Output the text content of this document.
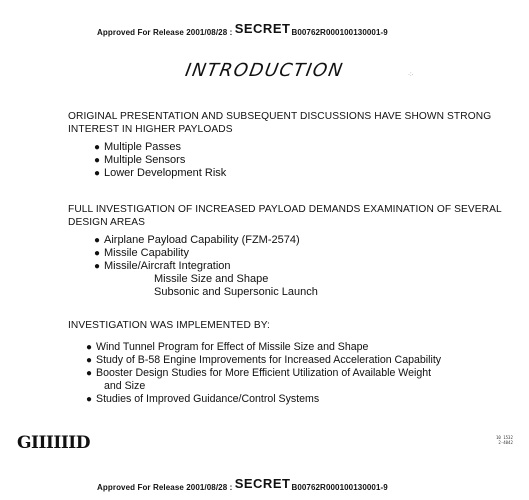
Approved For Release 2001/08/28 : SECRETB00762R000100130001-9
INTRODUCTION	·:·
ORIGINAL PRESENTATION AND SUBSEQUENT DISCUSSIONS HAVE SHOWN STRONG
INTEREST IN HIGHER PAYLOADS
● Multiple Passes
● Multiple Sensors
● Lower Development Risk
FULL INVESTIGATION OF INCREASED PAYLOAD DEMANDS EXAMINATION OF SEVERAL
DESIGN AREAS
● Airplane Payload Capability (FZM-2574)
● Missile Capability
● Missile/Aircraft Integration
Missile Size and Shape
Subsonic and Supersonic Launch
INVESTIGATION WAS IMPLEMENTED BY:
● Wind Tunnel Program for Effect of Missile Size and Shape
● Study of B-58 Engine Improvements for Increased Acceleration Capability
● Booster Design Studies for More Efficient Utilization of Available Weight
and Size
● Studies of Improved Guidance/Control Systems
GIIIIIID	10 1532
2-4042
Approved For Release 2001/08/28 : SECRETB00762R000100130001-9
